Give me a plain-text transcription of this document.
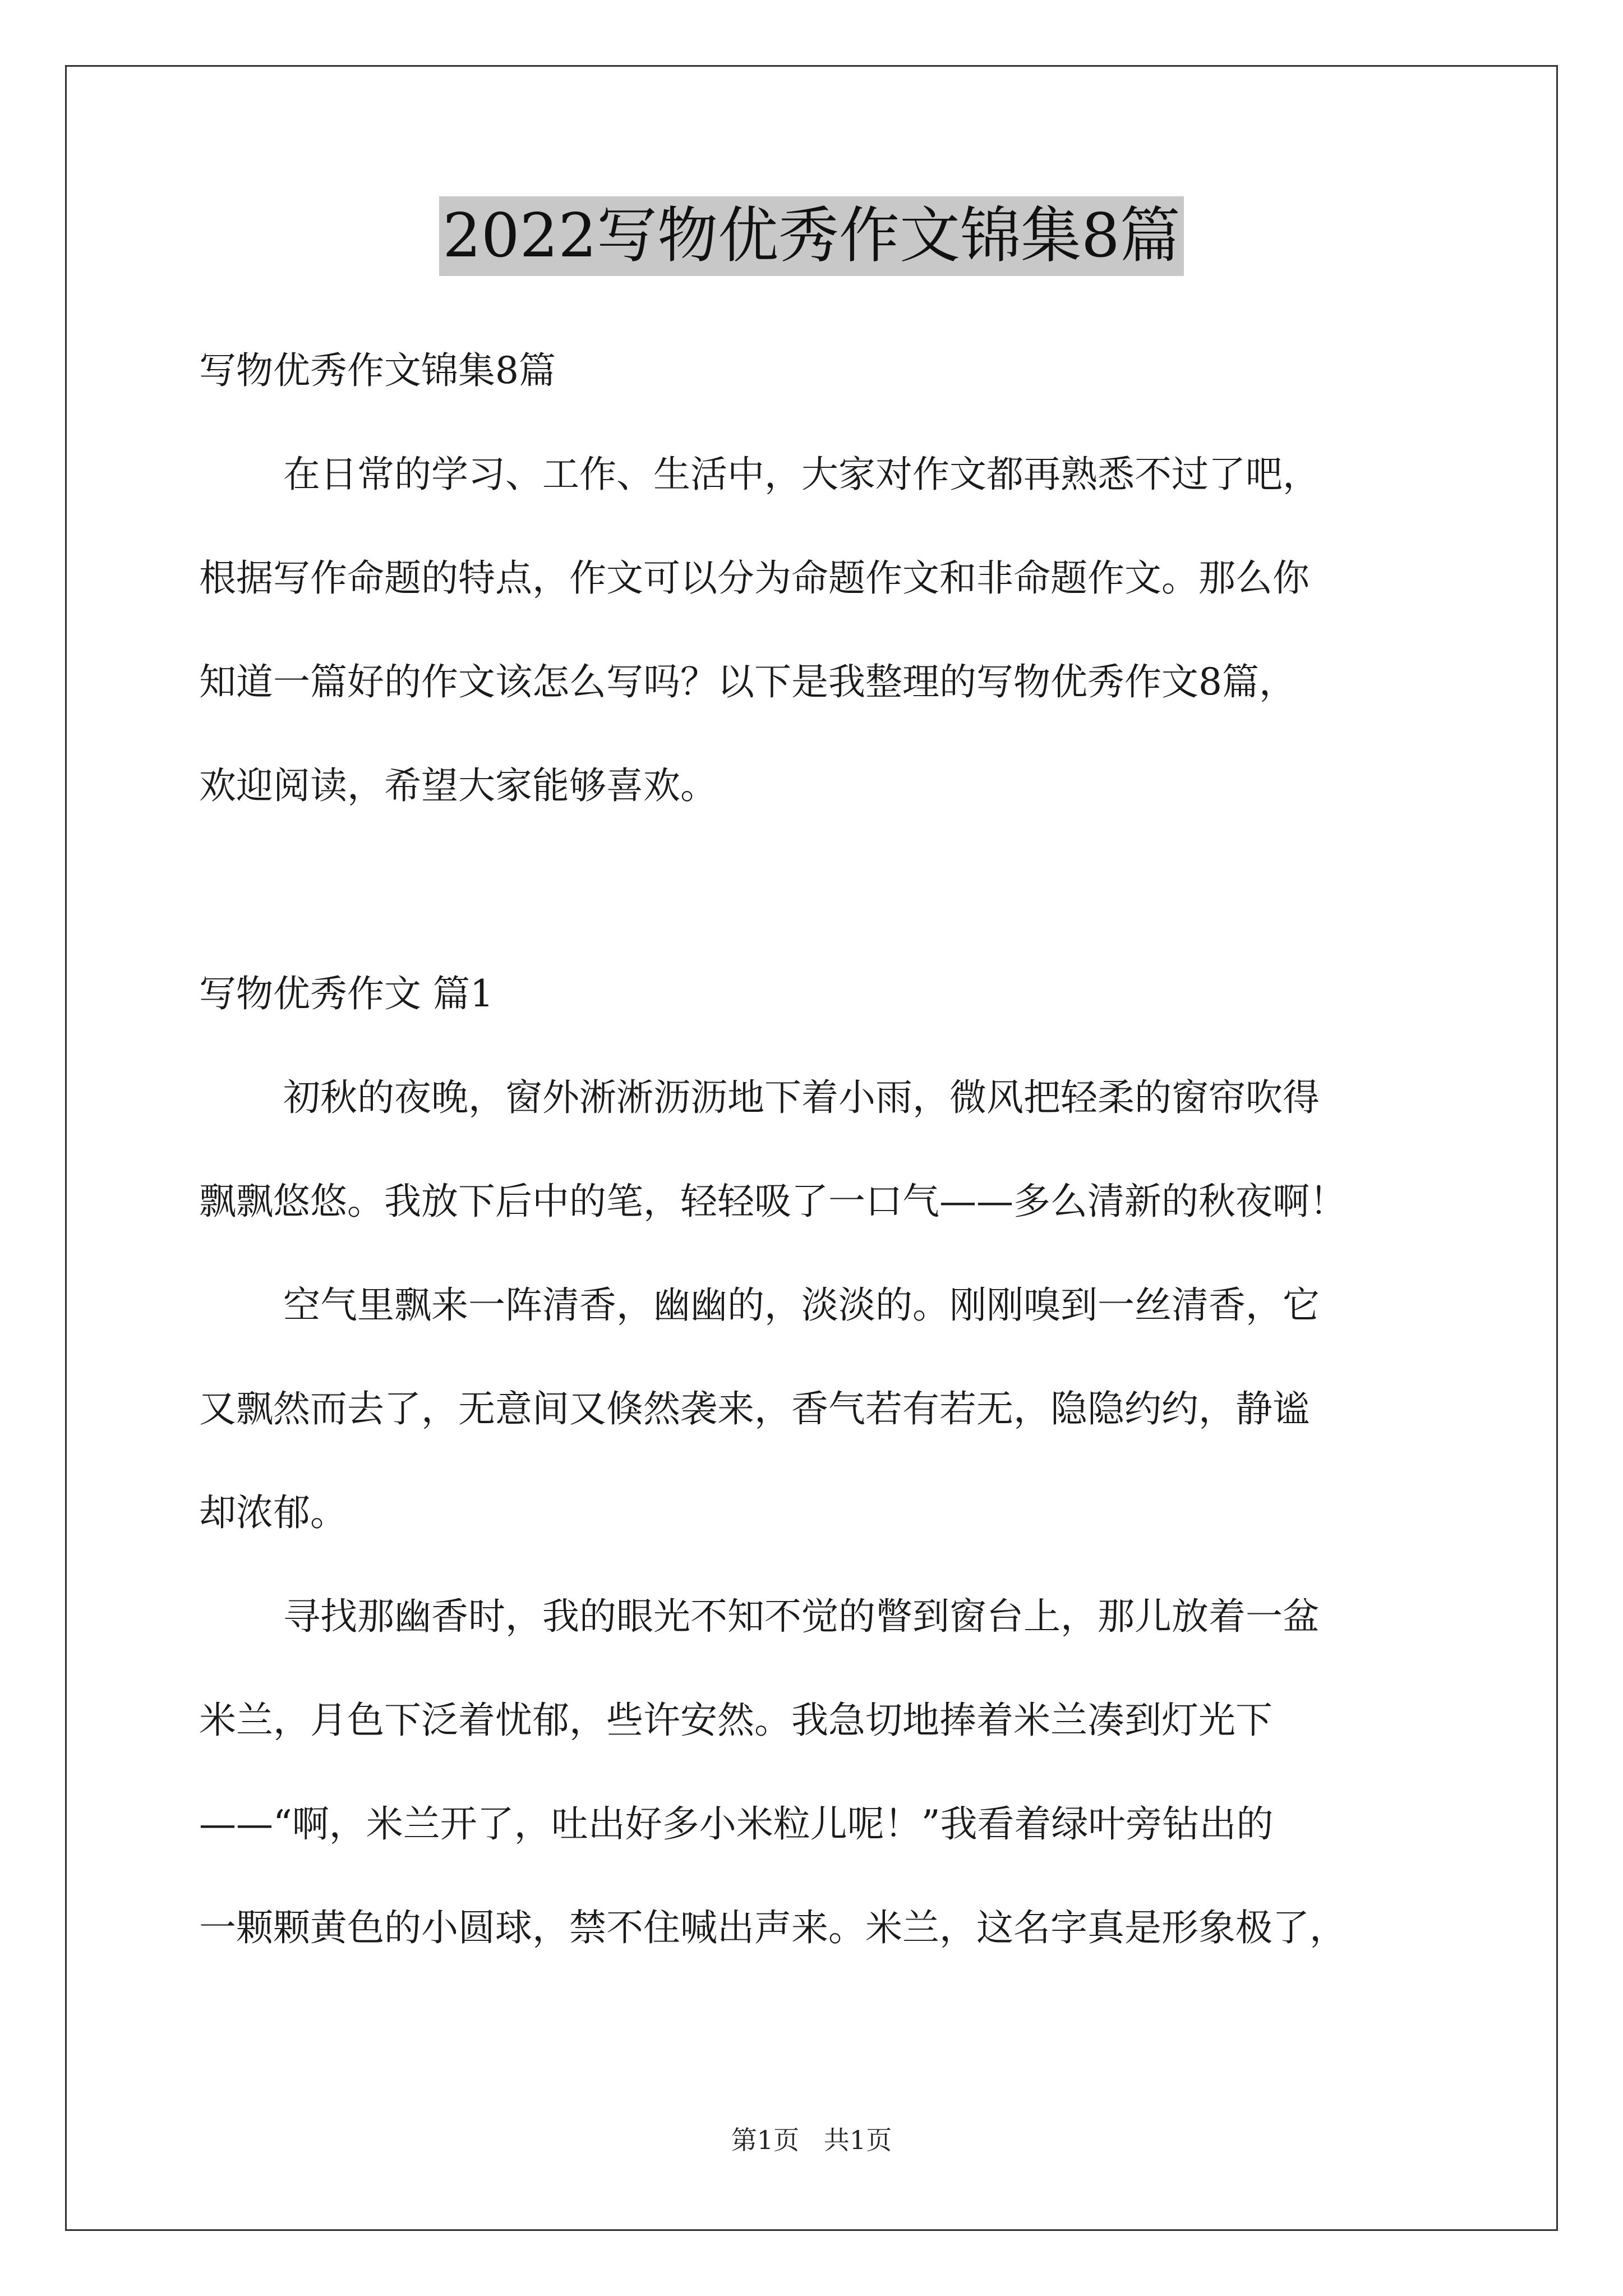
2022写物优秀作文锦集8篇
写物优秀作文锦集8篇
在日常的学习、工作、生活中，大家对作文都再熟悉不过了吧，
根据写作命题的特点，作文可以分为命题作文和非命题作文。那么你
知道一篇好的作文该怎么写吗？以下是我整理的写物优秀作文8篇，
欢迎阅读，希望大家能够喜欢。
写物优秀作文 篇1
初秋的夜晚，窗外淅淅沥沥地下着小雨，微风把轻柔的窗帘吹得
飘飘悠悠。我放下后中的笔，轻轻吸了一口气——多么清新的秋夜啊！
空气里飘来一阵清香，幽幽的，淡淡的。刚刚嗅到一丝清香，它
又飘然而去了，无意间又倏然袭来，香气若有若无，隐隐约约，静谧
却浓郁。
寻找那幽香时，我的眼光不知不觉的瞥到窗台上，那儿放着一盆
米兰，月色下泛着忧郁，些许安然。我急切地捧着米兰凑到灯光下
——“啊，米兰开了，吐出好多小米粒儿呢！”我看着绿叶旁钻出的
一颗颗黄色的小圆球，禁不住喊出声来。米兰，这名字真是形象极了，
第1页   共1页
